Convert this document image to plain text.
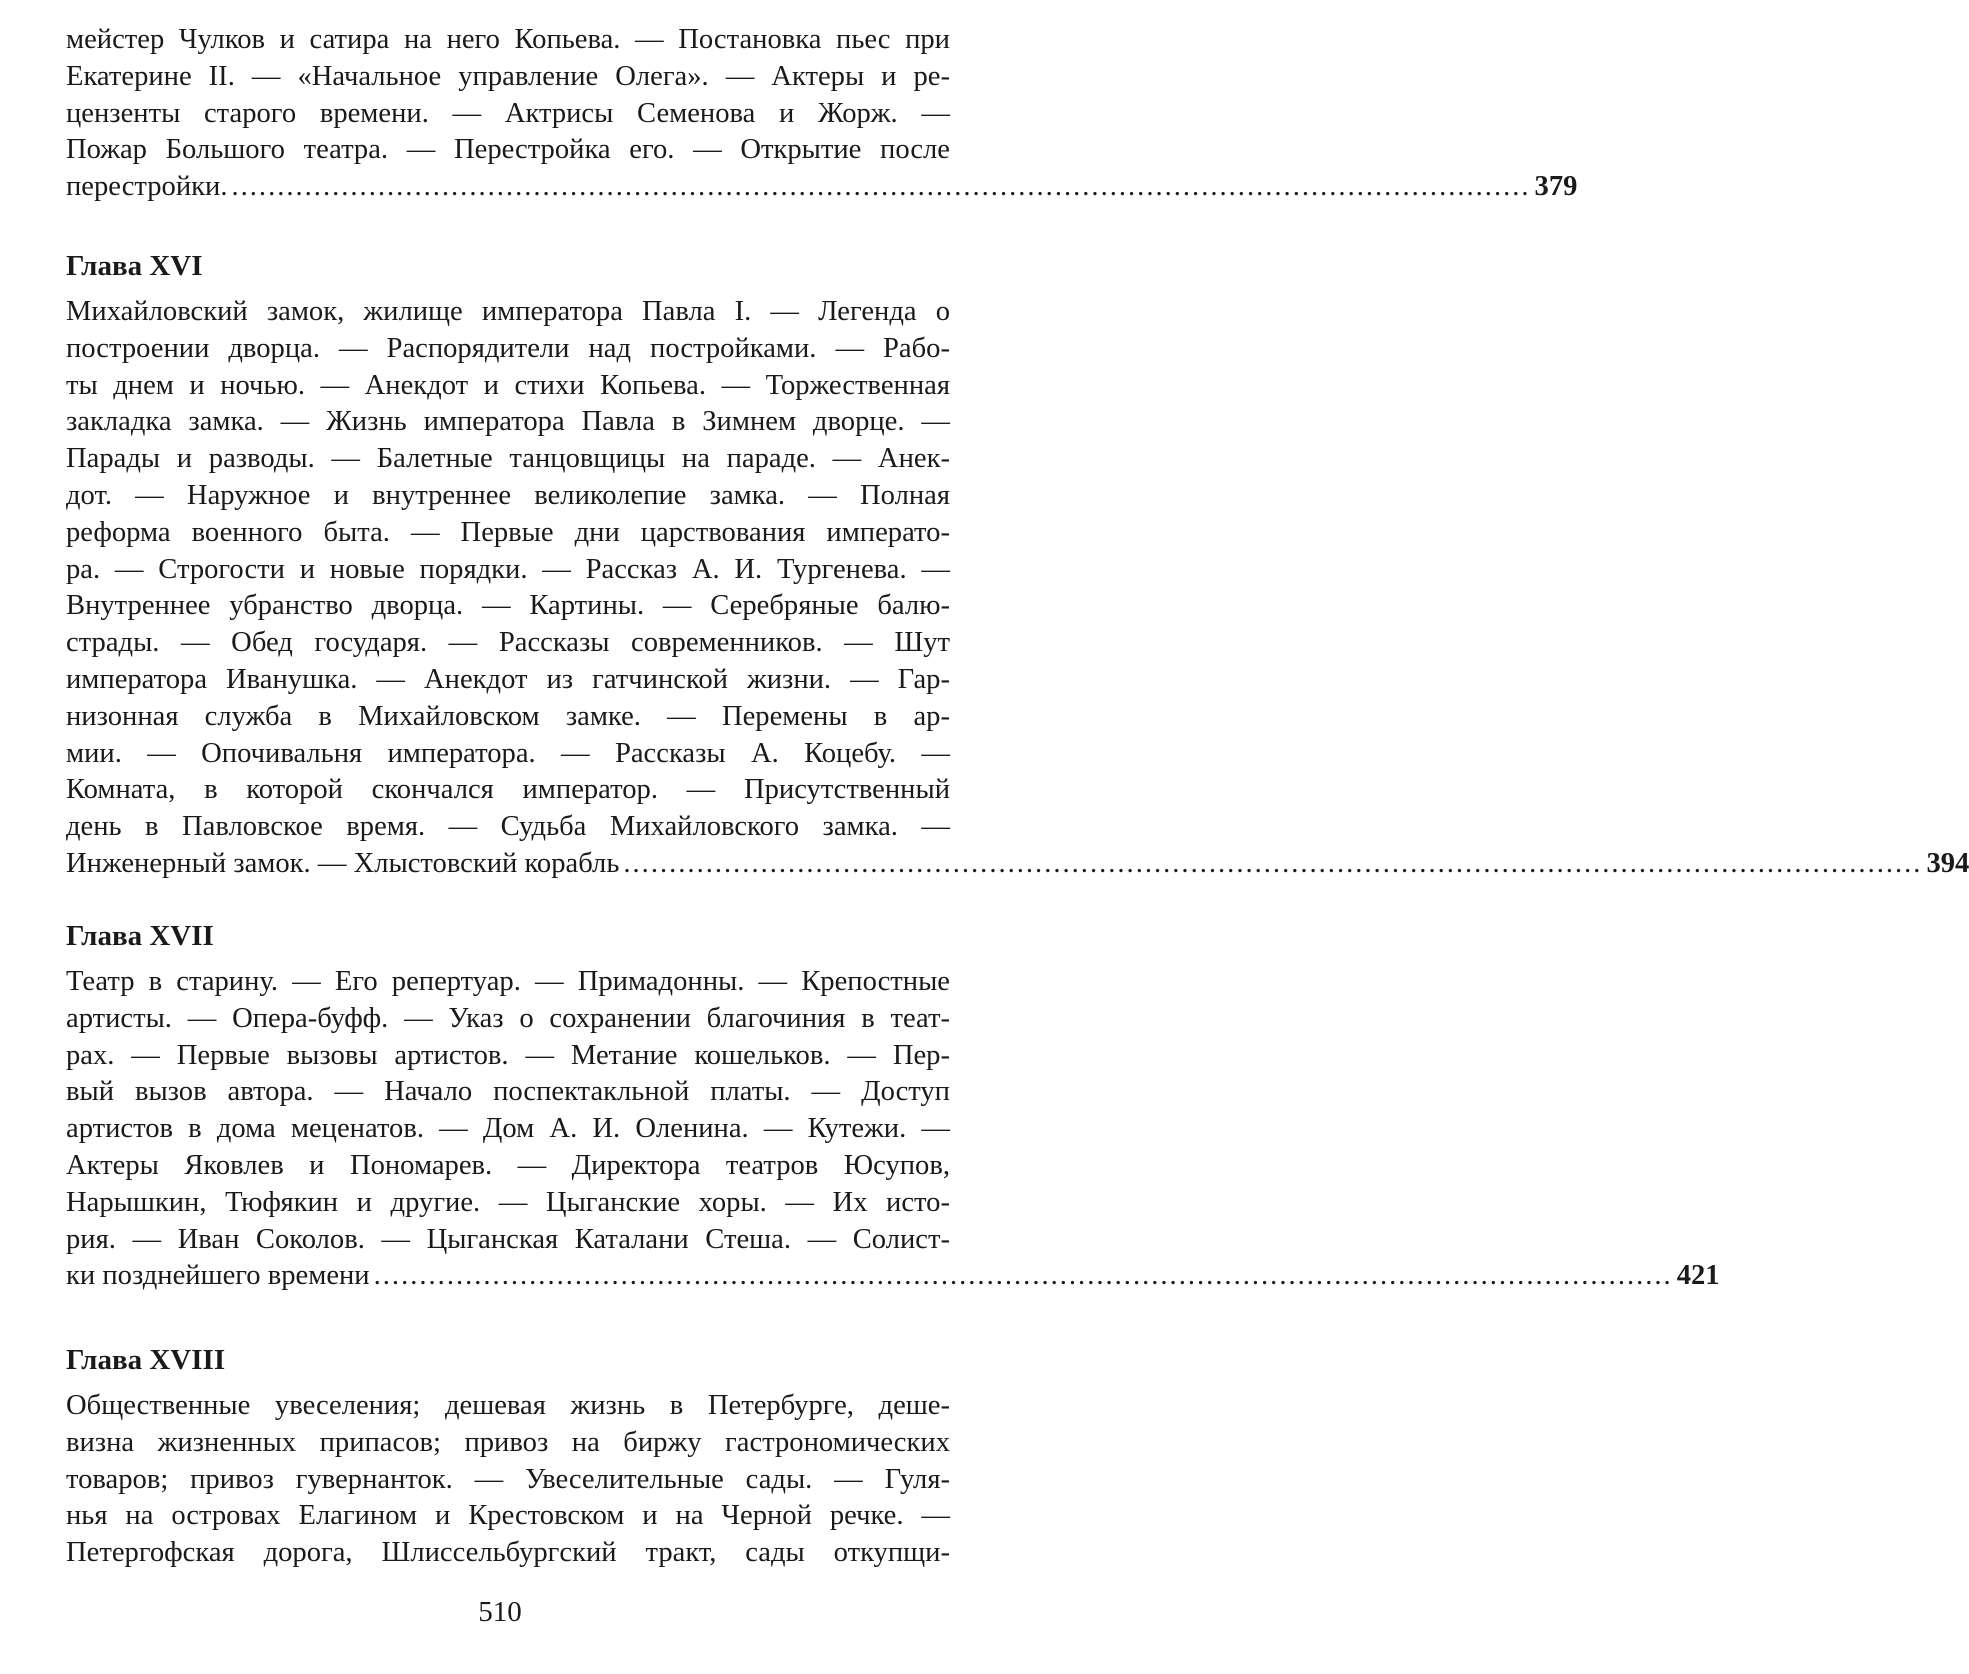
мейстер Чулков и сатира на него Копьева. — Постановка пьес при
Екатерине II. — «Начальное управление Олега». — Актеры и ре-
цензенты старого времени. — Актрисы Семенова и Жорж. —
Пожар Большого театра. — Перестройка его. — Открытие после
перестройки. .............................................................................................................................................. 379
Глава XVI
Михайловский замок, жилище императора Павла I. — Легенда о
построении дворца. — Распорядители над постройками. — Рабо-
ты днем и ночью. — Анекдот и стихи Копьева. — Торжественная
закладка замка. — Жизнь императора Павла в Зимнем дворце. —
Парады и разводы. — Балетные танцовщицы на параде. — Анек-
дот. — Наружное и внутреннее великолепие замка. — Полная
реформа военного быта. — Первые дни царствования императо-
ра. — Строгости и новые порядки. — Рассказ А. И. Тургенева. —
Внутреннее убранство дворца. — Картины. — Серебряные балю-
страды. — Обед государя. — Рассказы современников. — Шут
императора Иванушка. — Анекдот из гатчинской жизни. — Гар-
низонная служба в Михайловском замке. — Перемены в ар-
мии. — Опочивальня императора. — Рассказы А. Коцебу. —
Комната, в которой скончался император. — Присутственный
день в Павловское время. — Судьба Михайловского замка. —
Инженерный замок. — Хлыстовский корабль .............................................................................................................................................. 394
Глава XVII
Театр в старину. — Его репертуар. — Примадонны. — Крепостные
артисты. — Опера-буфф. — Указ о сохранении благочиния в теат-
рах. — Первые вызовы артистов. — Метание кошельков. — Пер-
вый вызов автора. — Начало поспектакльной платы. — Доступ
артистов в дома меценатов. — Дом А. И. Оленина. — Кутежи. —
Актеры Яковлев и Пономарев. — Директора театров Юсупов,
Нарышкин, Тюфякин и другие. — Цыганские хоры. — Их исто-
рия. — Иван Соколов. — Цыганская Каталани Стеша. — Солист-
ки позднейшего времени .............................................................................................................................................. 421
Глава XVIII
Общественные увеселения; дешевая жизнь в Петербурге, деше-
визна жизненных припасов; привоз на биржу гастрономических
товаров; привоз гувернанток. — Увеселительные сады. — Гуля-
нья на островах Елагином и Крестовском и на Черной речке. —
Петергофская дорога, Шлиссельбургский тракт, сады откупщи-
510
